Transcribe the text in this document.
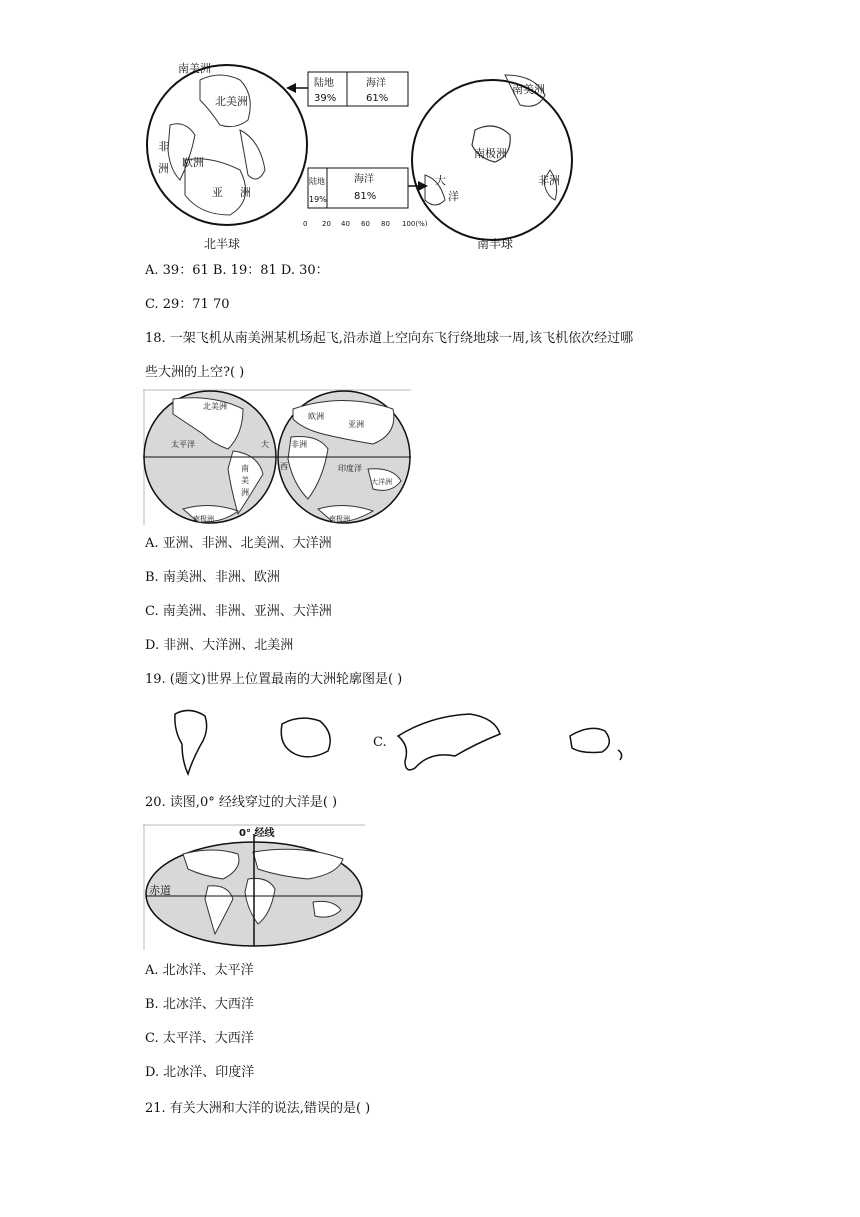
南美洲
北美洲
非
洲 欧洲
亚 洲
北半球
南美洲
南极洲
非洲
大
洋
南半球
陆地
39%
海洋
61%
陆地
19%
海洋
81%
0 20 40 60 80 100(%)
A. 39：61 B. 19：81 D. 30：
C. 29：71 70
18. 一架飞机从南美洲某机场起飞,沿赤道上空向东飞行绕地球一周,该飞机依次经过哪
些大洲的上空?( )
北美洲
太平洋	大
南
美
洲
南极洲
欧洲
亚洲
非洲
西	印度洋
大洋洲
南极洲
A. 亚洲、非洲、北美洲、大洋洲
B. 南美洲、非洲、欧洲
C. 南美洲、非洲、亚洲、大洋洲
D. 非洲、大洋洲、北美洲
19. (题文)世界上位置最南的大洲轮廓图是( )
C.
20. 读图,0° 经线穿过的大洋是( )
0° 经线
赤道
A. 北冰洋、太平洋
B. 北冰洋、大西洋
C. 太平洋、大西洋
D. 北冰洋、印度洋
21. 有关大洲和大洋的说法,错误的是( )
